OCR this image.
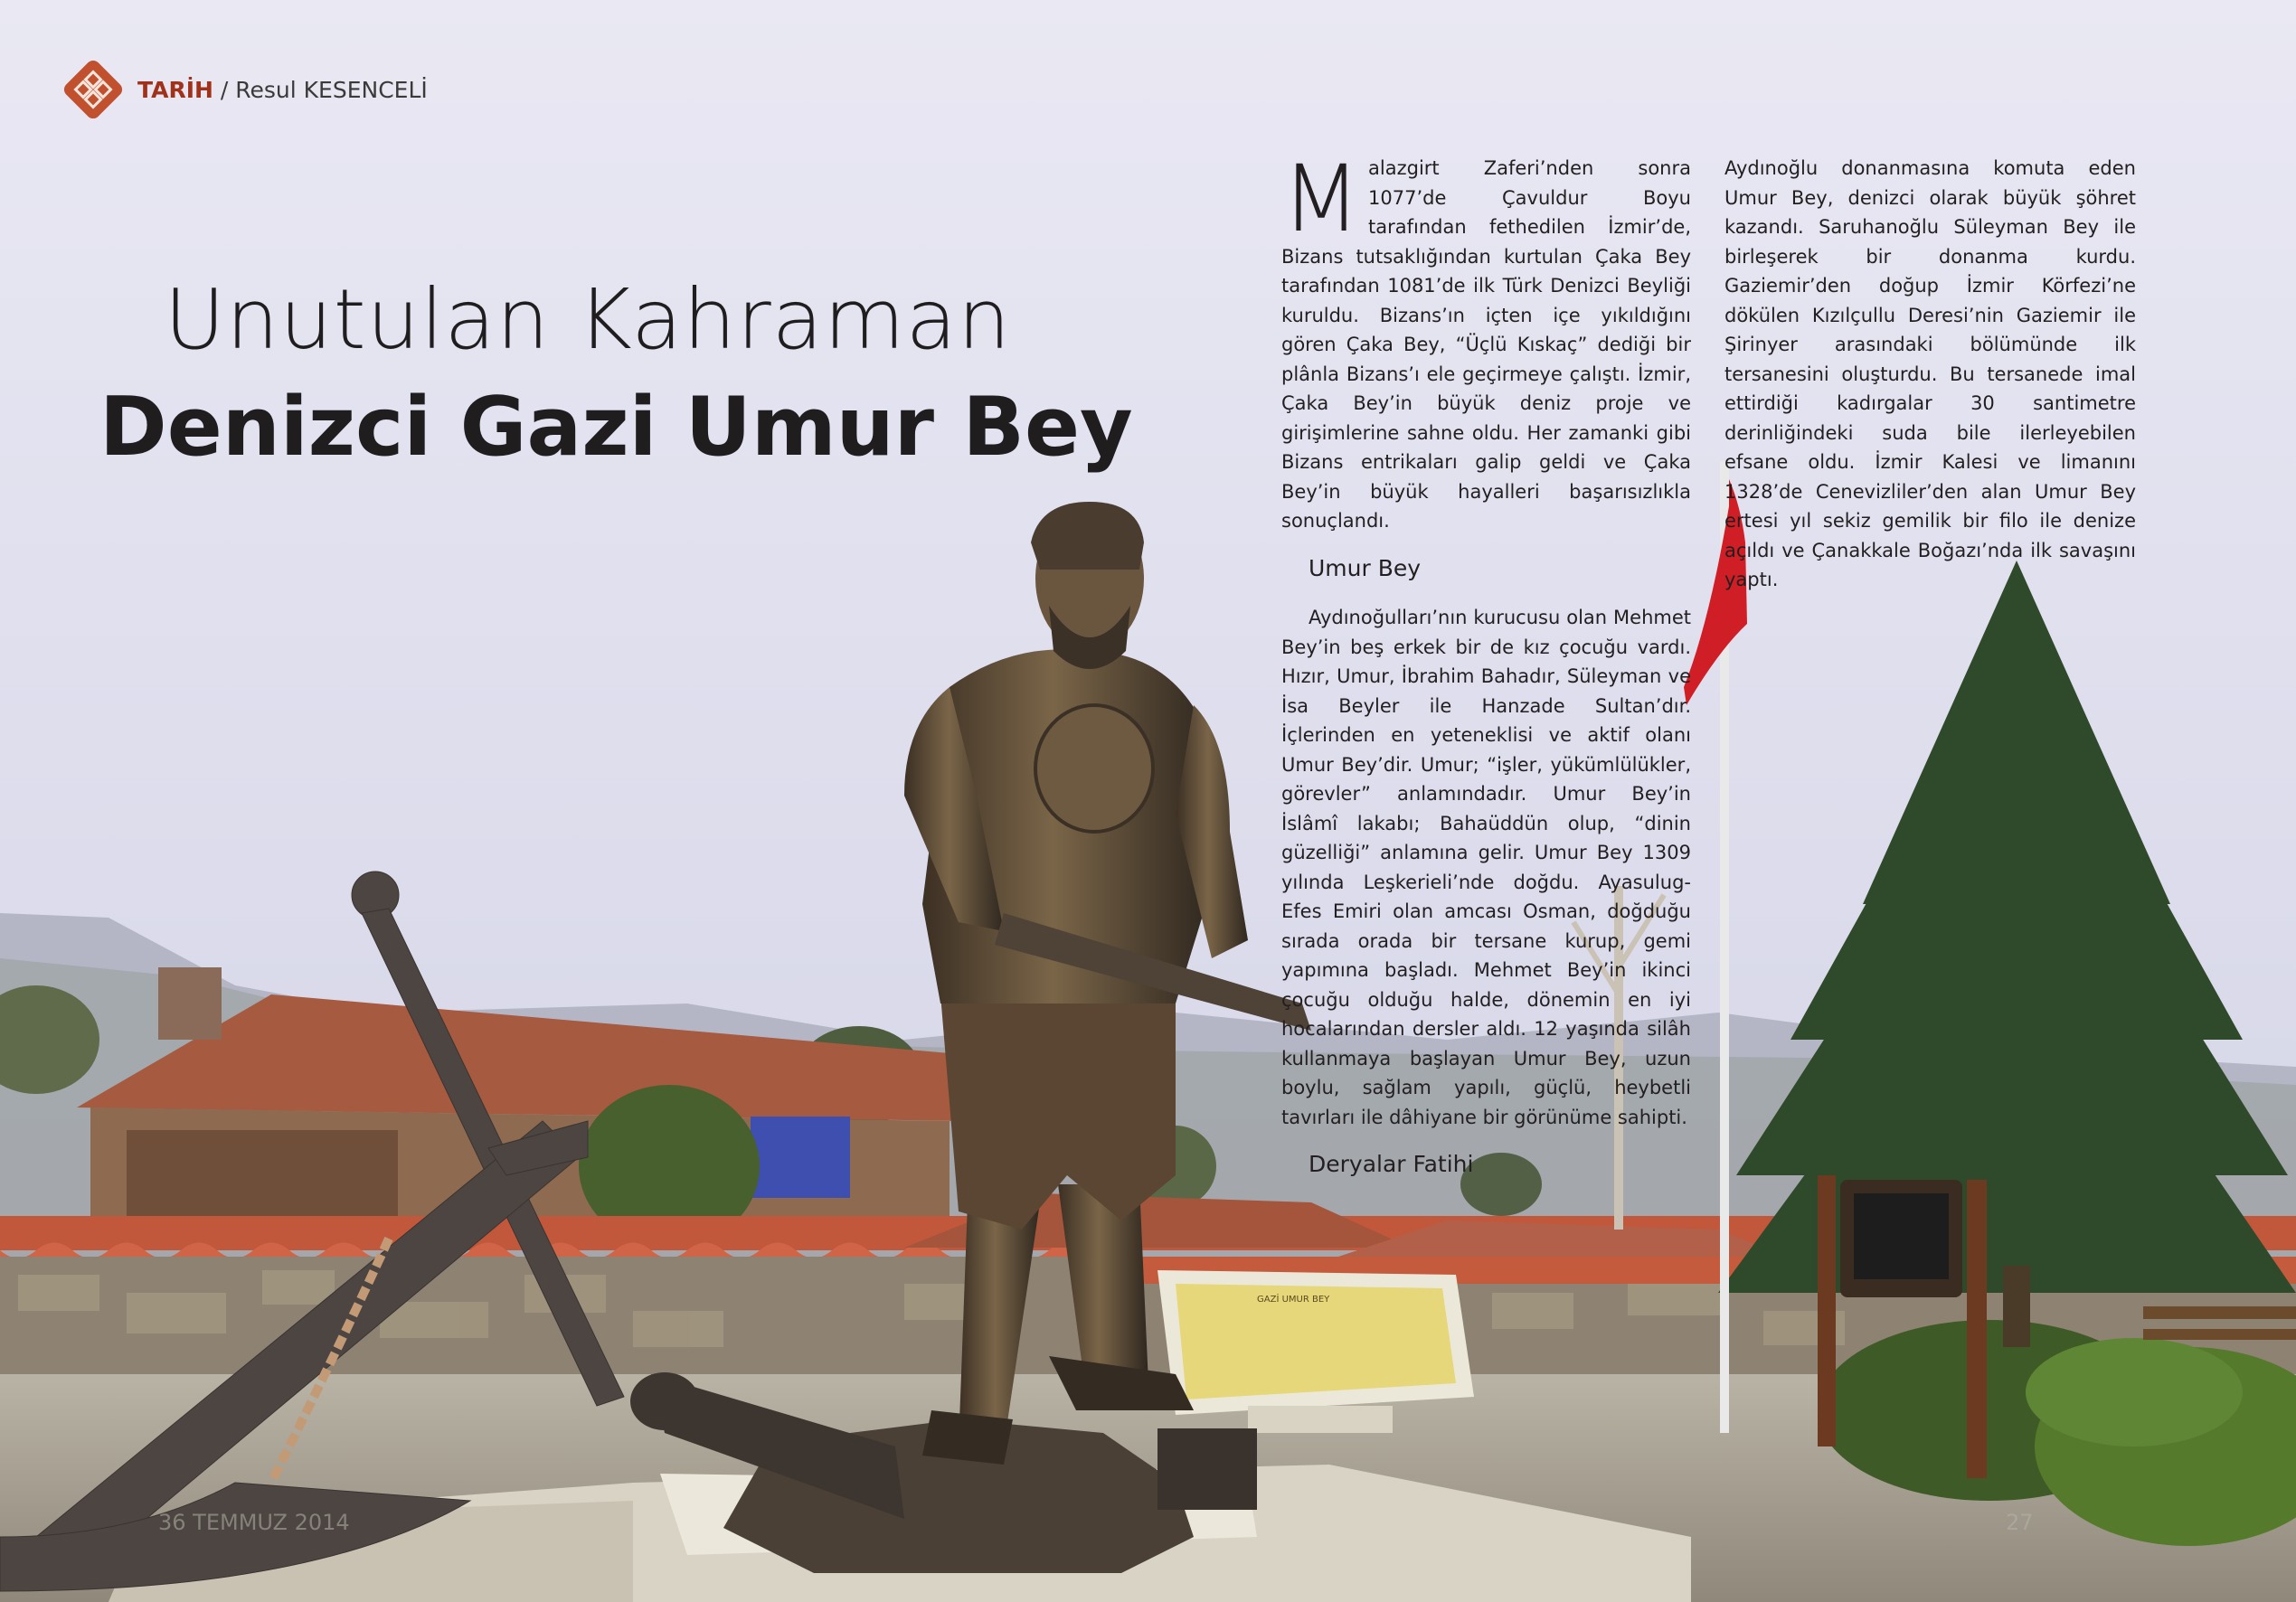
GAZİ UMUR BEY
TARİH / Resul KESENCELİ
Unutulan Kahraman
Denizci Gazi Umur Bey

Malazgirt Zaferi’nden sonra 1077’de Çavuldur Boyu tarafından fethedilen İzmir’de, Bizans tutsaklığından kurtulan Çaka Bey tarafından 1081’de ilk Türk Denizci Beyliği kuruldu. Bizans’ın içten içe yıkıldığını gören Çaka Bey, “Üçlü Kıskaç” dediği bir plânla Bizans’ı ele geçirmeye çalıştı. İzmir, Çaka Bey’in büyük deniz proje ve girişimlerine sahne oldu. Her zamanki gibi Bizans entrikaları galip geldi ve Çaka Bey’in büyük hayalleri başarısızlıkla sonuçlandı.

Umur Bey

Aydınoğulları’nın kurucusu olan Mehmet Bey’in beş erkek bir de kız çocuğu vardı. Hızır, Umur, İbrahim Bahadır, Süleyman ve İsa Beyler ile Hanzade Sultan’dır. İçlerinden en yeteneklisi ve aktif olanı Umur Bey’dir. Umur; “işler, yükümlülükler, görevler” anlamındadır. Umur Bey’in İslâmî lakabı; Bahaüddün olup, “dinin güzelliği” anlamına gelir. Umur Bey 1309 yılında Leşkerieli’nde doğdu. Ayasulug-Efes Emiri olan amcası Osman, doğduğu sırada orada bir tersane kurup, gemi yapımına başladı. Mehmet Bey’in ikinci çocuğu olduğu halde, dönemin en iyi hocalarından dersler aldı. 12 yaşında silâh kullanmaya başlayan Umur Bey, uzun boylu, sağlam yapılı, güçlü, heybetli tavırları ile dâhiyane bir görünüme sahipti.

Deryalar Fatihi

Aydınoğlu donanmasına komuta eden Umur Bey, denizci olarak büyük şöhret kazandı. Saruhanoğlu Süleyman Bey ile birleşerek bir donanma kurdu. Gaziemir’den doğup İzmir Körfezi’ne dökülen Kızılçullu Deresi’nin Gaziemir ile Şirinyer arasındaki bölümünde ilk tersanesini oluşturdu. Bu tersanede imal ettirdiği kadırgalar 30 santimetre derinliğindeki suda bile ilerleyebilen efsane oldu. İzmir Kalesi ve limanını 1328’de Cenevizliler’den alan Umur Bey ertesi yıl sekiz gemilik bir filo ile denize açıldı ve Çanakkale Boğazı’nda ilk savaşını yaptı.

36 TEMMUZ 2014	27
